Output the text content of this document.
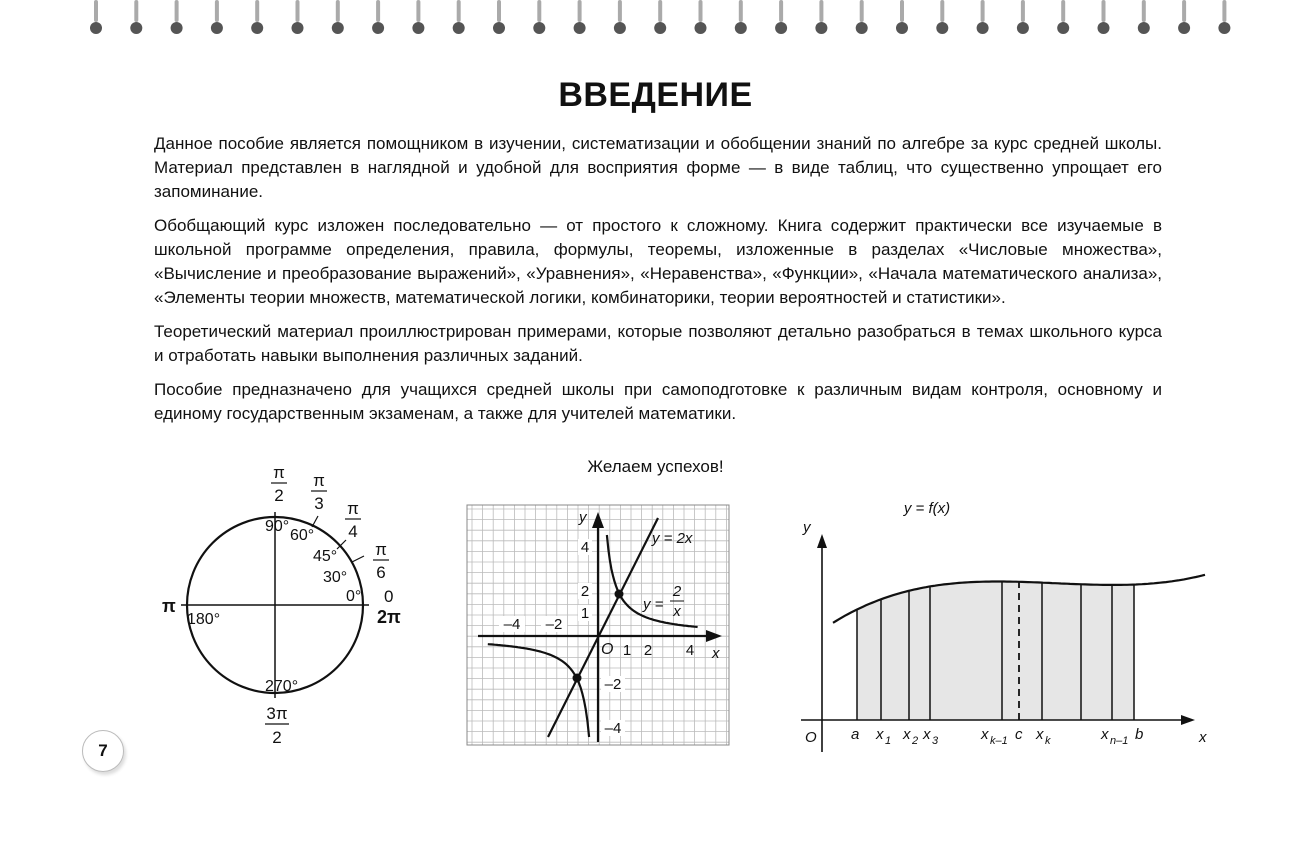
ВВЕДЕНИЕ

Данное пособие является помощником в изучении, систематизации и обобщении знаний по алгебре за курс средней школы. Материал представлен в наглядной и удобной для восприятия форме — в виде таблиц, что существенно упрощает его запоминание.

Обобщающий курс изложен последовательно — от простого к сложному. Книга содержит практически все изучаемые в школьной программе определения, правила, формулы, теоремы, изложенные в разделах «Числовые множества», «Вычисление и преобразование выражений», «Уравнения», «Неравенства», «Функции», «Начала математического анализа», «Элементы теории множеств, математической логики, комбинаторики, теории вероятностей и статистики».

Теоретический материал проиллюстрирован примерами, которые позволяют детально разобраться в темах школьного курса и отработать навыки выполнения различных заданий.

Пособие предназначено для учащихся средней школы при самоподготовке к различным видам контроля, основному и единому государственным экзаменам, а также для учителей математики.

Желаем успехов!
π
2
π
3 π
4
π
6
0
2π
π
90°
60°
45°
30°
0°
180°
270°
3π
2
y
x
O
y = 2x
y =
2
x
–4 –2
1 2 4
4
2
1
–2
–4
y = f(x)
y
x
O a x 1 x 2 x 3	x k–1 c x k	x n–1 b
7
